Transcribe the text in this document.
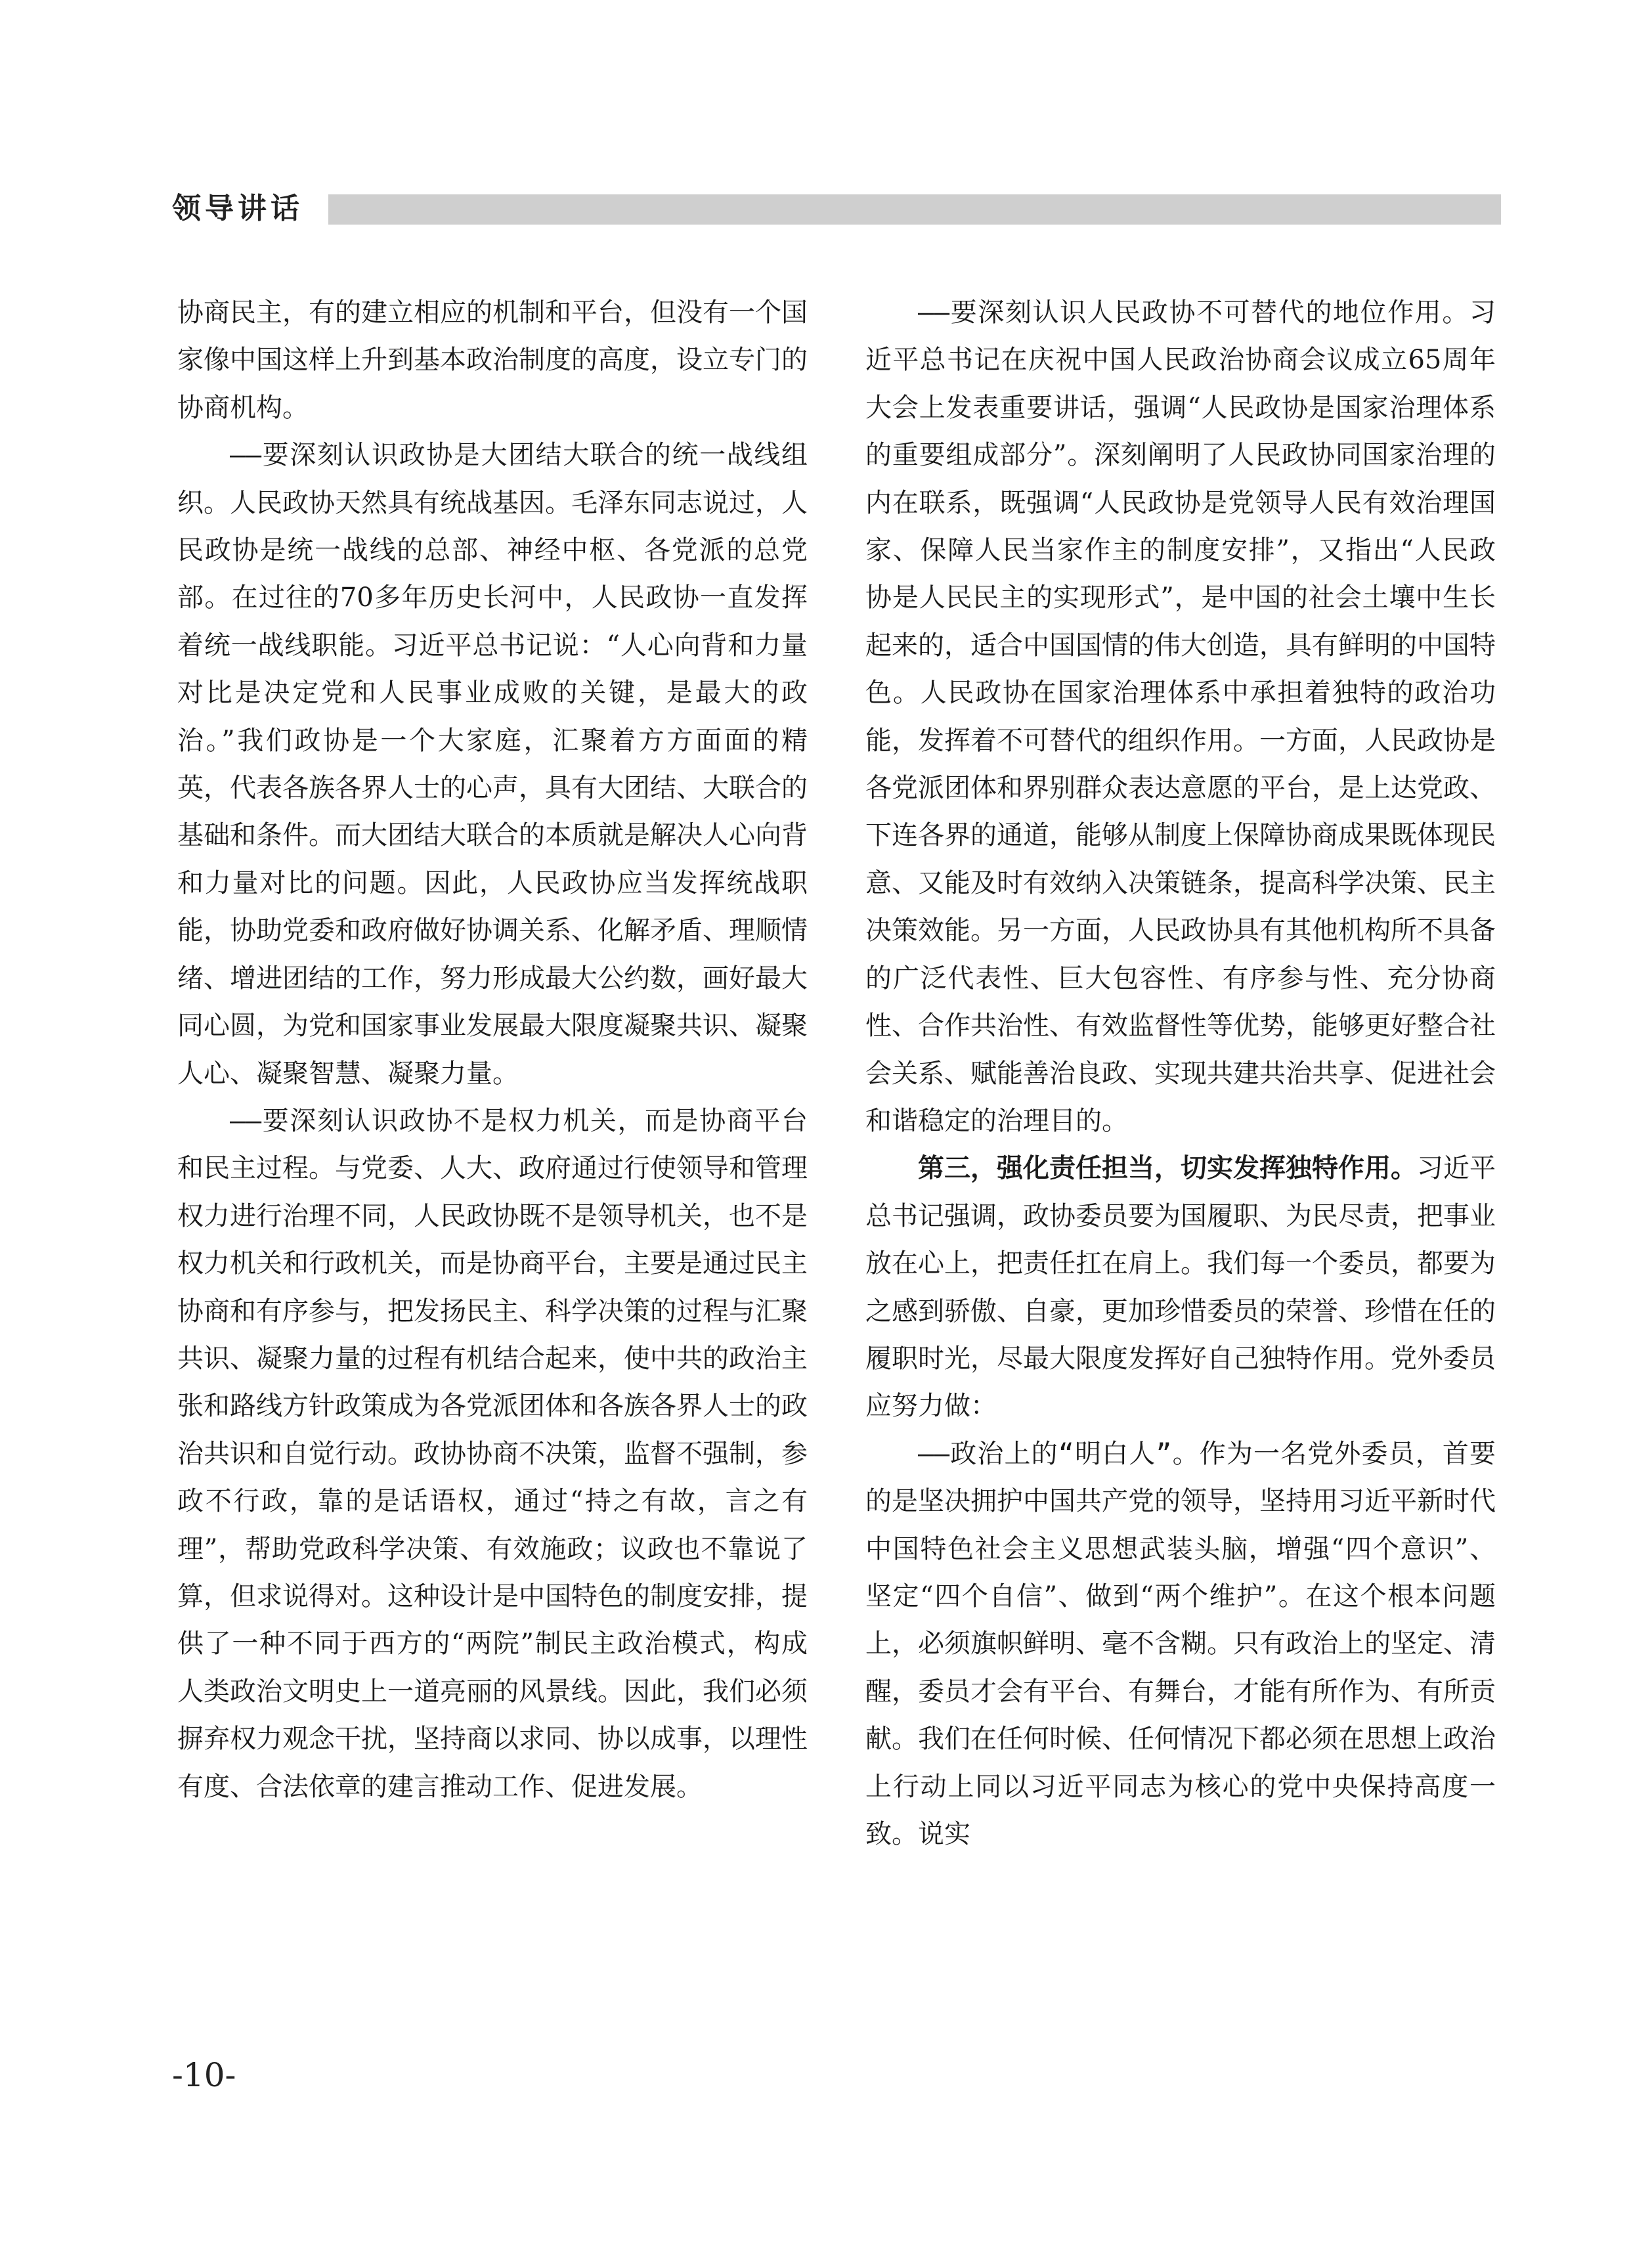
领导讲话

协商民主，有的建立相应的机制和平台，但没有一个国家像中国这样上升到基本政治制度的高度，设立专门的协商机构。

——要深刻认识政协是大团结大联合的统一战线组织。人民政协天然具有统战基因。毛泽东同志说过，人民政协是统一战线的总部、神经中枢、各党派的总党部。在过往的70多年历史长河中，人民政协一直发挥着统一战线职能。习近平总书记说：“人心向背和力量对比是决定党和人民事业成败的关键，是最大的政治。”我们政协是一个大家庭，汇聚着方方面面的精英，代表各族各界人士的心声，具有大团结、大联合的基础和条件。而大团结大联合的本质就是解决人心向背和力量对比的问题。因此，人民政协应当发挥统战职能，协助党委和政府做好协调关系、化解矛盾、理顺情绪、增进团结的工作，努力形成最大公约数，画好最大同心圆，为党和国家事业发展最大限度凝聚共识、凝聚人心、凝聚智慧、凝聚力量。

——要深刻认识政协不是权力机关，而是协商平台和民主过程。与党委、人大、政府通过行使领导和管理权力进行治理不同，人民政协既不是领导机关，也不是权力机关和行政机关，而是协商平台，主要是通过民主协商和有序参与，把发扬民主、科学决策的过程与汇聚共识、凝聚力量的过程有机结合起来，使中共的政治主张和路线方针政策成为各党派团体和各族各界人士的政治共识和自觉行动。政协协商不决策，监督不强制，参政不行政，靠的是话语权，通过“持之有故，言之有理”，帮助党政科学决策、有效施政；议政也不靠说了算，但求说得对。这种设计是中国特色的制度安排，提供了一种不同于西方的“两院”制民主政治模式，构成人类政治文明史上一道亮丽的风景线。因此，我们必须摒弃权力观念干扰，坚持商以求同、协以成事，以理性有度、合法依章的建言推动工作、促进发展。

——要深刻认识人民政协不可替代的地位作用。习近平总书记在庆祝中国人民政治协商会议成立65周年大会上发表重要讲话，强调“人民政协是国家治理体系的重要组成部分”。深刻阐明了人民政协同国家治理的内在联系，既强调“人民政协是党领导人民有效治理国家、保障人民当家作主的制度安排”，又指出“人民政协是人民民主的实现形式”，是中国的社会土壤中生长起来的，适合中国国情的伟大创造，具有鲜明的中国特色。人民政协在国家治理体系中承担着独特的政治功能，发挥着不可替代的组织作用。一方面，人民政协是各党派团体和界别群众表达意愿的平台，是上达党政、下连各界的通道，能够从制度上保障协商成果既体现民意、又能及时有效纳入决策链条，提高科学决策、民主决策效能。另一方面，人民政协具有其他机构所不具备的广泛代表性、巨大包容性、有序参与性、充分协商性、合作共治性、有效监督性等优势，能够更好整合社会关系、赋能善治良政、实现共建共治共享、促进社会和谐稳定的治理目的。

第三，强化责任担当，切实发挥独特作用。习近平总书记强调，政协委员要为国履职、为民尽责，把事业放在心上，把责任扛在肩上。我们每一个委员，都要为之感到骄傲、自豪，更加珍惜委员的荣誉、珍惜在任的履职时光，尽最大限度发挥好自己独特作用。党外委员应努力做：

——政治上的“明白人”。作为一名党外委员，首要的是坚决拥护中国共产党的领导，坚持用习近平新时代中国特色社会主义思想武装头脑，增强“四个意识”、坚定“四个自信”、做到“两个维护”。在这个根本问题上，必须旗帜鲜明、毫不含糊。只有政治上的坚定、清醒，委员才会有平台、有舞台，才能有所作为、有所贡献。我们在任何时候、任何情况下都必须在思想上政治上行动上同以习近平同志为核心的党中央保持高度一致。说实

-10-
